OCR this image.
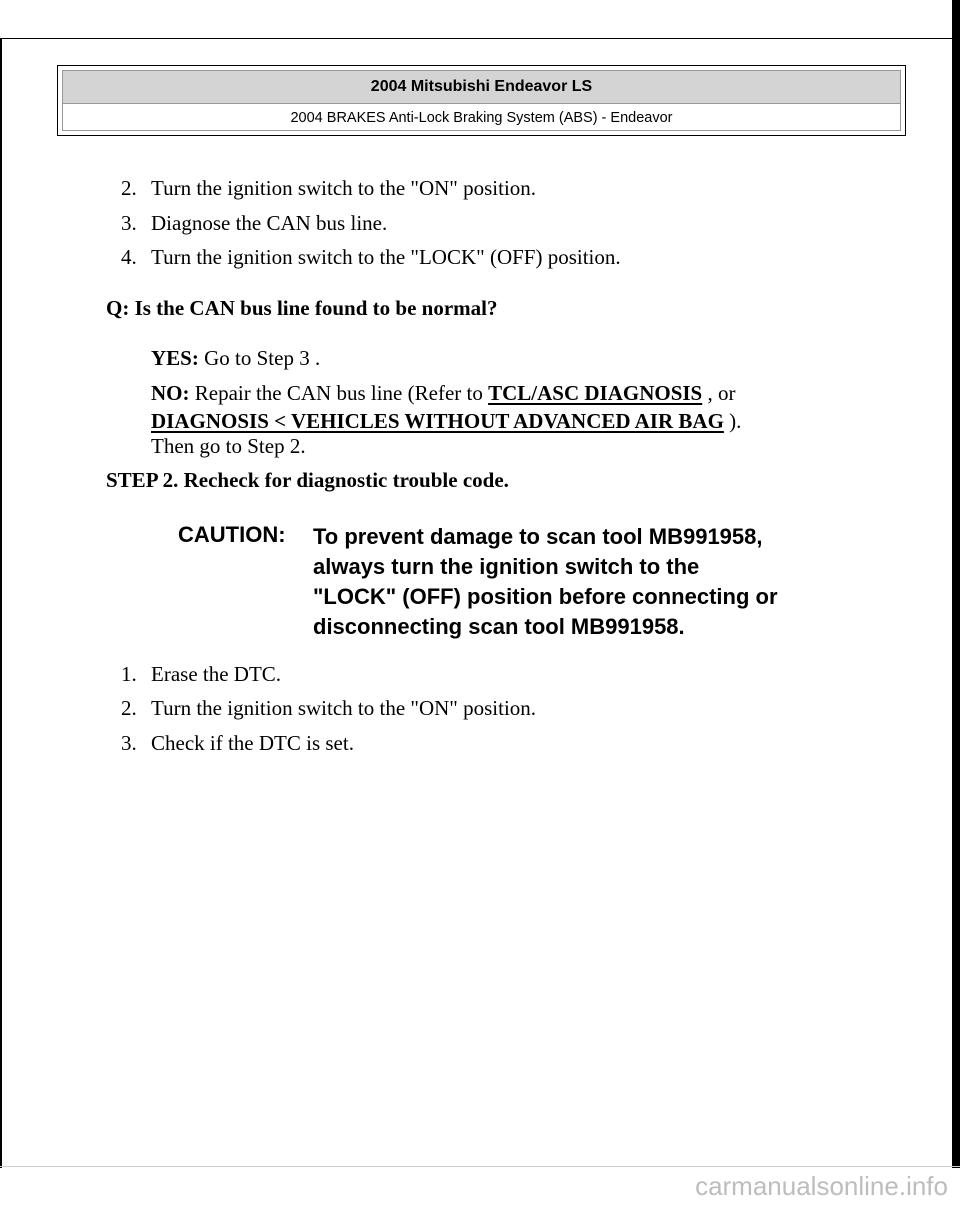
2004 Mitsubishi Endeavor LS
2004 BRAKES Anti-Lock Braking System (ABS) - Endeavor
2. Turn the ignition switch to the "ON" position.
3. Diagnose the CAN bus line.
4. Turn the ignition switch to the "LOCK" (OFF) position.
Q: Is the CAN bus line found to be normal?
YES: Go to Step 3 .
NO: Repair the CAN bus line (Refer to TCL/ASC DIAGNOSIS , or
DIAGNOSIS < VEHICLES WITHOUT ADVANCED AIR BAG ).
Then go to Step 2.
STEP 2. Recheck for diagnostic trouble code.
CAUTION: To prevent damage to scan tool MB991958,
always turn the ignition switch to the
"LOCK" (OFF) position before connecting or
disconnecting scan tool MB991958.
1. Erase the DTC.
2. Turn the ignition switch to the "ON" position.
3. Check if the DTC is set.
carmanualsonline.info
